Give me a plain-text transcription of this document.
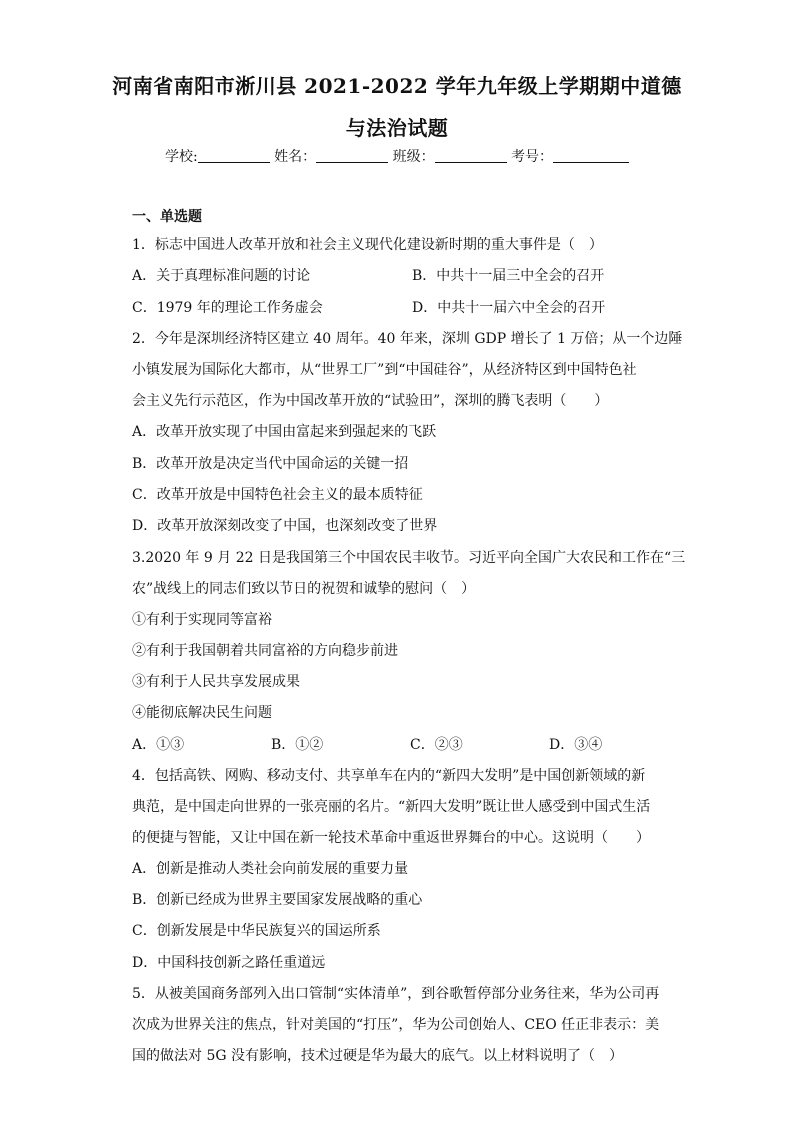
河南省南阳市淅川县 2021-2022 学年九年级上学期期中道德
与法治试题
学校:	姓名：	班级：	考号：
一、单选题
1．标志中国进人改革开放和社会主义现代化建设新时期的重大事件是（　）
A．关于真理标准问题的讨论	B．中共十一届三中全会的召开
C．1979 年的理论工作务虚会	D．中共十一届六中全会的召开
2．今年是深圳经济特区建立 40 周年。40 年来，深圳 GDP 增长了 1 万倍；从一个边陲
小镇发展为国际化大都市，从“世界工厂”到“中国硅谷”，从经济特区到中国特色社
会主义先行示范区，作为中国改革开放的“试验田”，深圳的腾飞表明（　　）
A．改革开放实现了中国由富起来到强起来的飞跃
B．改革开放是决定当代中国命运的关键一招
C．改革开放是中国特色社会主义的最本质特征
D．改革开放深刻改变了中国，也深刻改变了世界
3.2020 年 9 月 22 日是我国第三个中国农民丰收节。习近平向全国广大农民和工作在“三
农”战线上的同志们致以节日的祝贺和诚挚的慰问（　）
①有利于实现同等富裕
②有利于我国朝着共同富裕的方向稳步前进
③有利于人民共享发展成果
④能彻底解决民生问题
A．①③	B．①②	C．②③	D．③④
4．包括高铁、网购、移动支付、共享单车在内的“新四大发明”是中国创新领域的新
典范，是中国走向世界的一张亮丽的名片。“新四大发明”既让世人感受到中国式生活
的便捷与智能，又让中国在新一轮技术革命中重返世界舞台的中心。这说明（　　）
A．创新是推动人类社会向前发展的重要力量
B．创新已经成为世界主要国家发展战略的重心
C．创新发展是中华民族复兴的国运所系
D．中国科技创新之路任重道远
5．从被美国商务部列入出口管制“实体清单”，到谷歌暂停部分业务往来，华为公司再
次成为世界关注的焦点，针对美国的“打压”，华为公司创始人、CEO 任正非表示：美
国的做法对 5G 没有影响，技术过硬是华为最大的底气。以上材料说明了（　）
